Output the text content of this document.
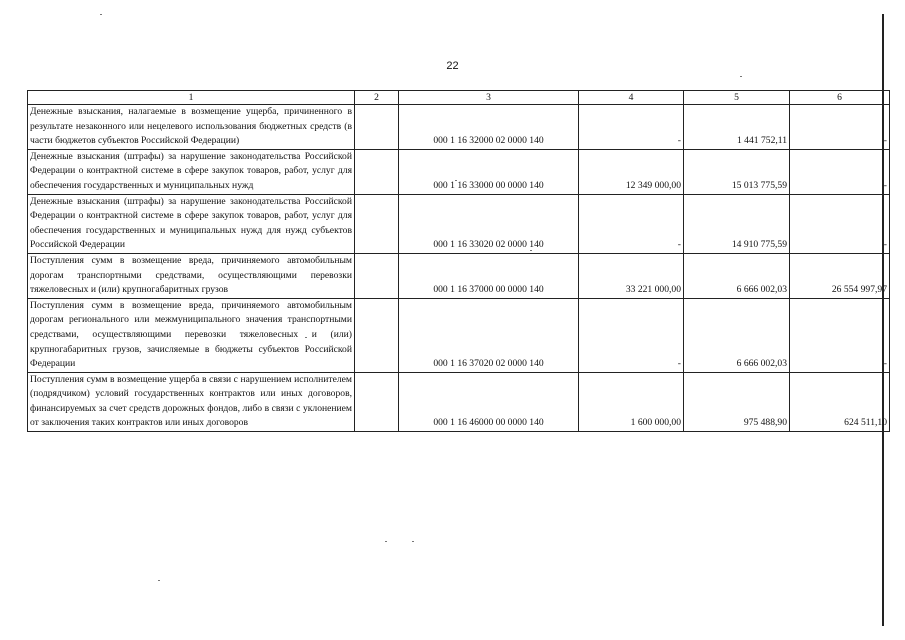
22
1	2	3	4	5	6
Денежные взыскания, налагаемые в возмещение ущерба, причиненного в результате незаконного или нецелевого использования бюджетных средств (в части бюджетов субъектов Российской Федерации)		000 1 16 32000 02 0000 140	-	1 441 752,11	-
Денежные взыскания (штрафы) за нарушение законодательства Российской Федерации о контрактной системе в сфере закупок товаров, работ, услуг для обеспечения государственных и муниципальных нужд		000 1 16 33000 00 0000 140	12 349 000,00	15 013 775,59	-
Денежные взыскания (штрафы) за нарушение законодательства Российской Федерации о контрактной системе в сфере закупок товаров, работ, услуг для обеспечения государственных и муниципальных нужд для нужд субъектов Российской Федерации		000 1 16 33020 02 0000 140	-	14 910 775,59	-
Поступления сумм в возмещение вреда, причиняемого автомобильным дорогам транспортными средствами, осуществляющими перевозки тяжеловесных и (или) крупногабаритных грузов		000 1 16 37000 00 0000 140	33 221 000,00	6 666 002,03	26 554 997,97
Поступления сумм в возмещение вреда, причиняемого автомобильным дорогам регионального или межмуниципального значения транспортными средствами, осуществляющими перевозки тяжеловесных и (или) крупногабаритных грузов, зачисляемые в бюджеты субъектов Российской Федерации		000 1 16 37020 02 0000 140	-	6 666 002,03	-
Поступления сумм в возмещение ущерба в связи с нарушением исполнителем (подрядчиком) условий государственных контрактов или иных договоров, финансируемых за счет средств дорожных фондов, либо в связи с уклонением от заключения таких контрактов или иных договоров		000 1 16 46000 00 0000 140	1 600 000,00	975 488,90	624 511,10
